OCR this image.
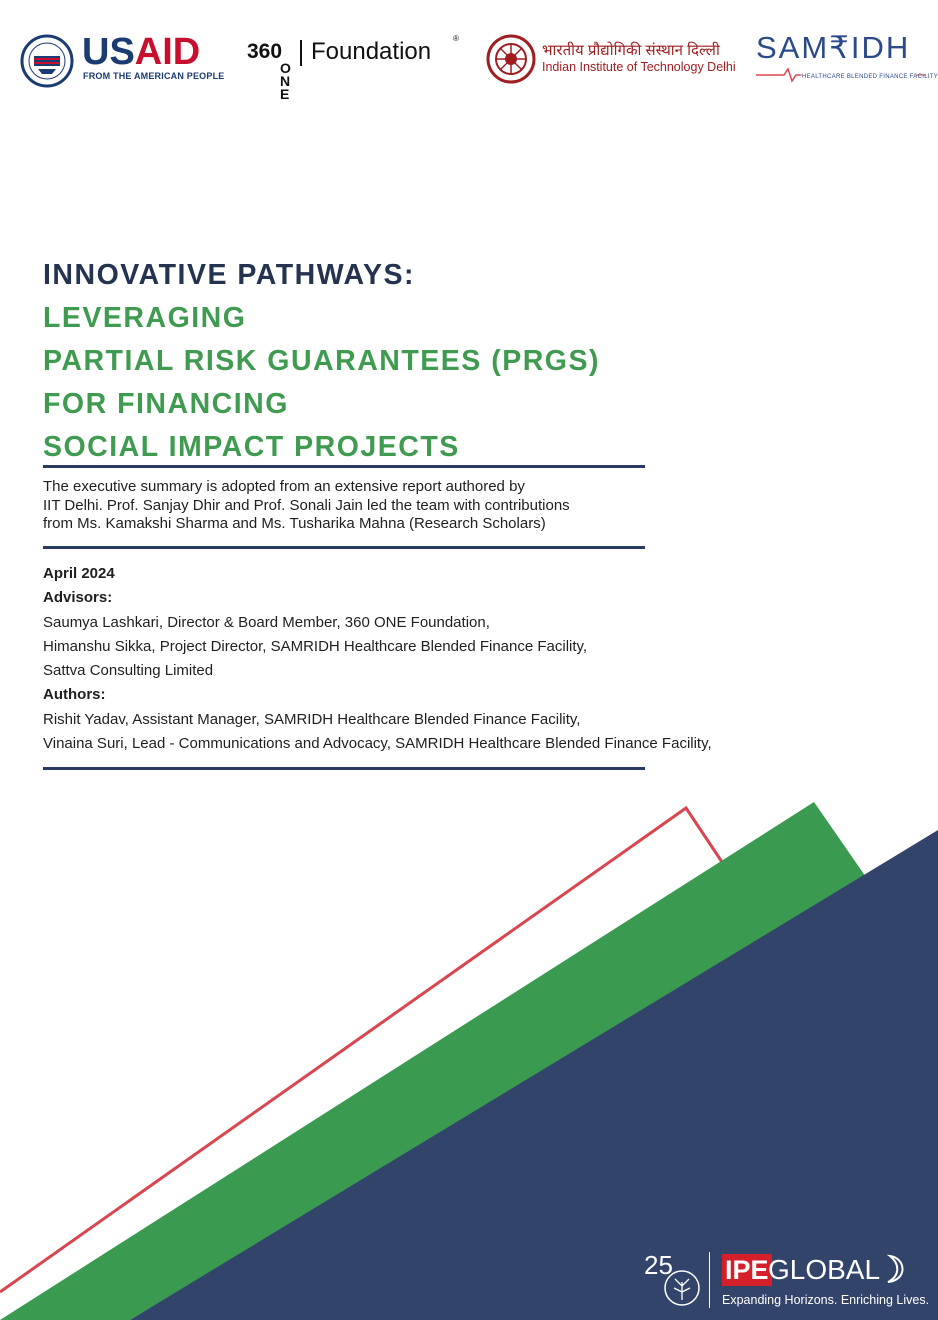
USAID
FROM THE AMERICAN PEOPLE
360
ONE
Foundation	®
भारतीय प्रौद्योगिकी संस्थान दिल्ली
Indian Institute of Technology Delhi
SAM₹IDH
HEALTHCARE BLENDED FINANCE FACILITY
INNOVATIVE PATHWAYS:
LEVERAGING
PARTIAL RISK GUARANTEES (PRGS)
FOR FINANCING
SOCIAL IMPACT PROJECTS
The executive summary is adopted from an extensive report authored by
IIT Delhi. Prof. Sanjay Dhir and Prof. Sonali Jain led the team with contributions
from Ms. Kamakshi Sharma and Ms. Tusharika Mahna (Research Scholars)
April 2024
Advisors:
Saumya Lashkari, Director & Board Member, 360 ONE Foundation,
Himanshu Sikka, Project Director, SAMRIDH Healthcare Blended Finance Facility,
Sattva Consulting Limited
Authors:
Rishit Yadav, Assistant Manager, SAMRIDH Healthcare Blended Finance Facility,
Vinaina Suri, Lead - Communications and Advocacy, SAMRIDH Healthcare Blended Finance Facility,
25 IPE GLOBAL
Expanding Horizons. Enriching Lives.
